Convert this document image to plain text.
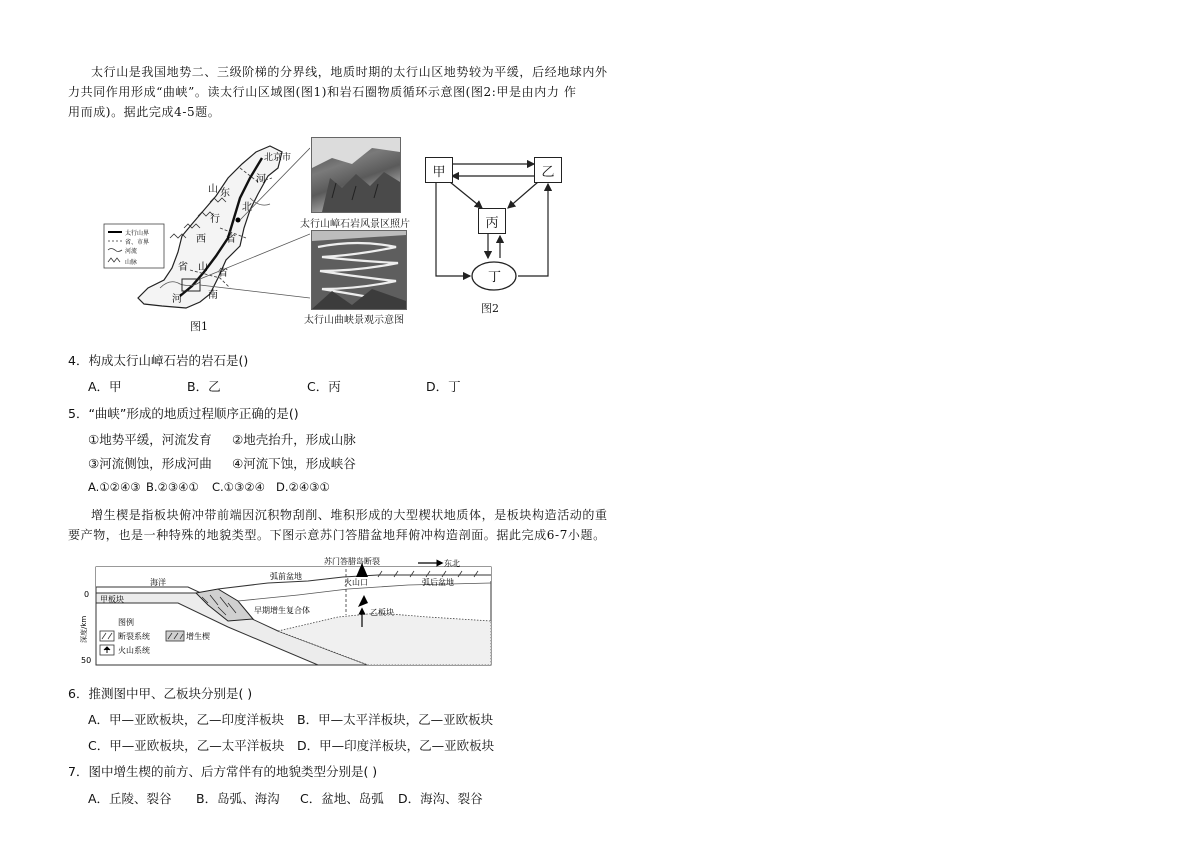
太行山是我国地势二、三级阶梯的分界线，地质时期的太行山区地势较为平缓，后经地球内外
力共同作用形成“曲峡”。读太行山区域图(图1)和岩石圈物质循环示意图(图2:甲是由内力 作
用而成)。据此完成4-5题。
北京市
山 东
行
北
河
省
西
山
省
河	南
省
太行山界
省、市界
河流
山脉
图1
太行山嶂石岩风景区照片
太行山曲峡景观示意图
丁
甲	乙
丙
图2
4．构成太行山嶂石岩的岩石是()
A．甲	B．乙	C．丙	D．丁
5．“曲峡”形成的地质过程顺序正确的是()
①地势平缓，河流发育 ②地壳抬升，形成山脉
③河流侧蚀，形成河曲 ④河流下蚀，形成峡谷
A.①②④③ B.②③④① C.①③②④ D.②④③①
增生楔是指板块俯冲带前端因沉积物刮削、堆积形成的大型楔状地质体，是板块构造活动的重
要产物，也是一种特殊的地貌类型。下图示意苏门答腊盆地拜俯冲构造剖面。据此完成6-7小题。
苏门答腊岛断裂	东北
海洋
弧前盆地
火山口	弧后盆地
0
甲板块
早期增生复合体	乙板块
图例
断裂系统	增生楔
火山系统
50
深度/km
6．推测图中甲、乙板块分别是( )
A．甲—亚欧板块，乙—印度洋板块 B．甲—太平洋板块，乙—亚欧板块
C．甲—亚欧板块，乙—太平洋板块 D．甲—印度洋板块，乙—亚欧板块
7．图中增生楔的前方、后方常伴有的地貌类型分别是( )
A．丘陵、裂谷 B．岛弧、海沟 C．盆地、岛弧 D．海沟、裂谷
